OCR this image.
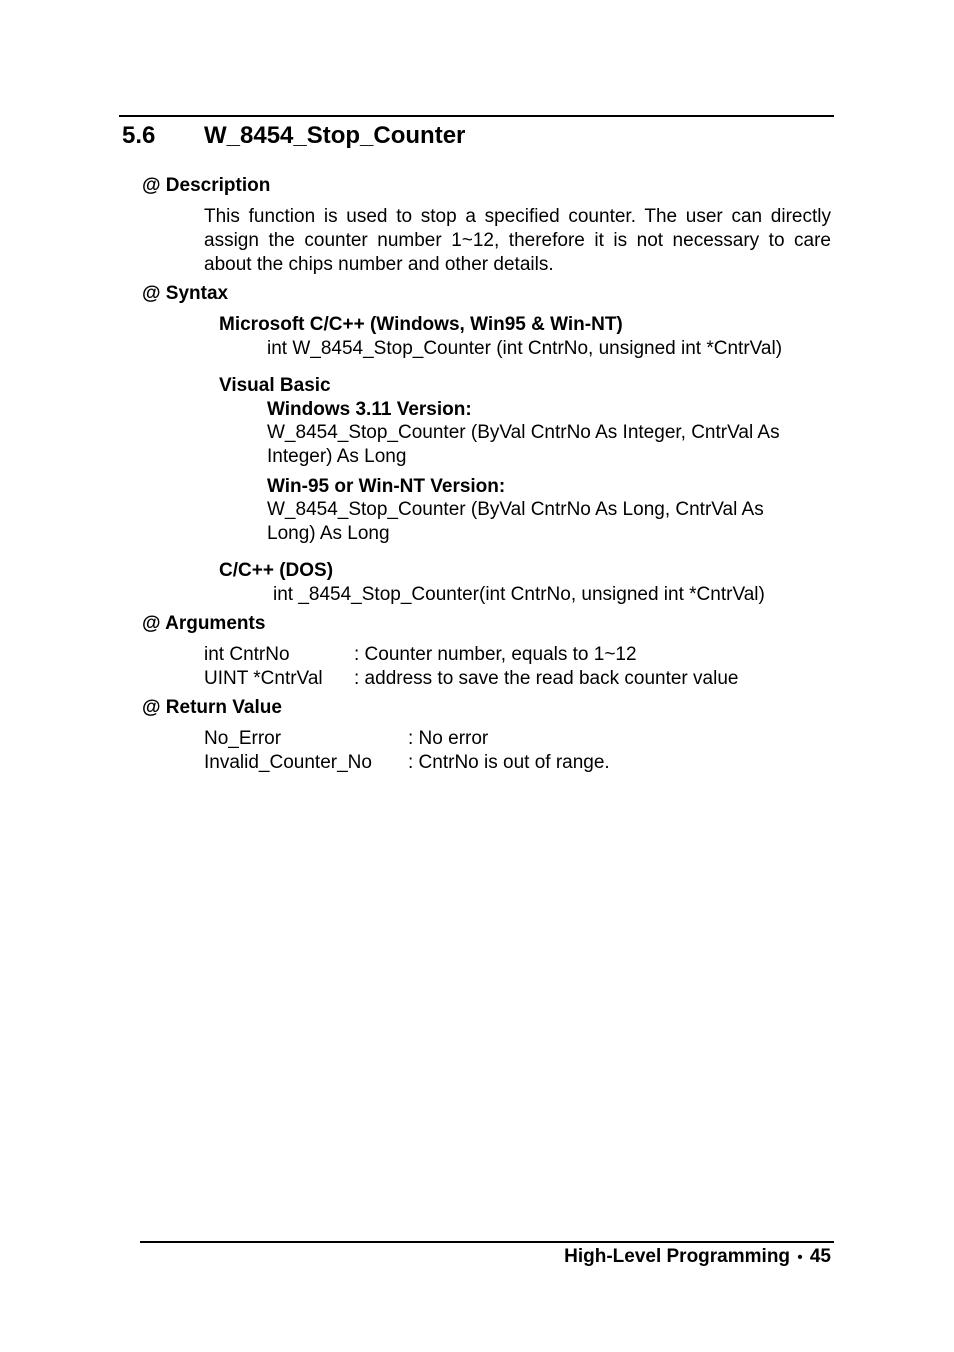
5.6 W_8454_Stop_Counter
@ Description
This function is used to stop a specified counter. The user can directly assign the counter number 1~12, therefore it is not necessary to care about the chips number and other details.
@ Syntax
Microsoft C/C++ (Windows, Win95 & Win-NT)
int W_8454_Stop_Counter (int CntrNo, unsigned int *CntrVal)
Visual Basic
Windows 3.11 Version:
W_8454_Stop_Counter (ByVal CntrNo As Integer, CntrVal As
Integer) As Long
Win-95 or Win-NT Version:
W_8454_Stop_Counter (ByVal CntrNo As Long, CntrVal As
Long) As Long
C/C++ (DOS)
int _8454_Stop_Counter(int CntrNo, unsigned int *CntrVal)
@ Arguments
int CntrNo	: Counter number, equals to 1~12
UINT *CntrVal : address to save the read back counter value
@ Return Value
No_Error	: No error
Invalid_Counter_No : CntrNo is out of range.
High-Level Programming • 45
